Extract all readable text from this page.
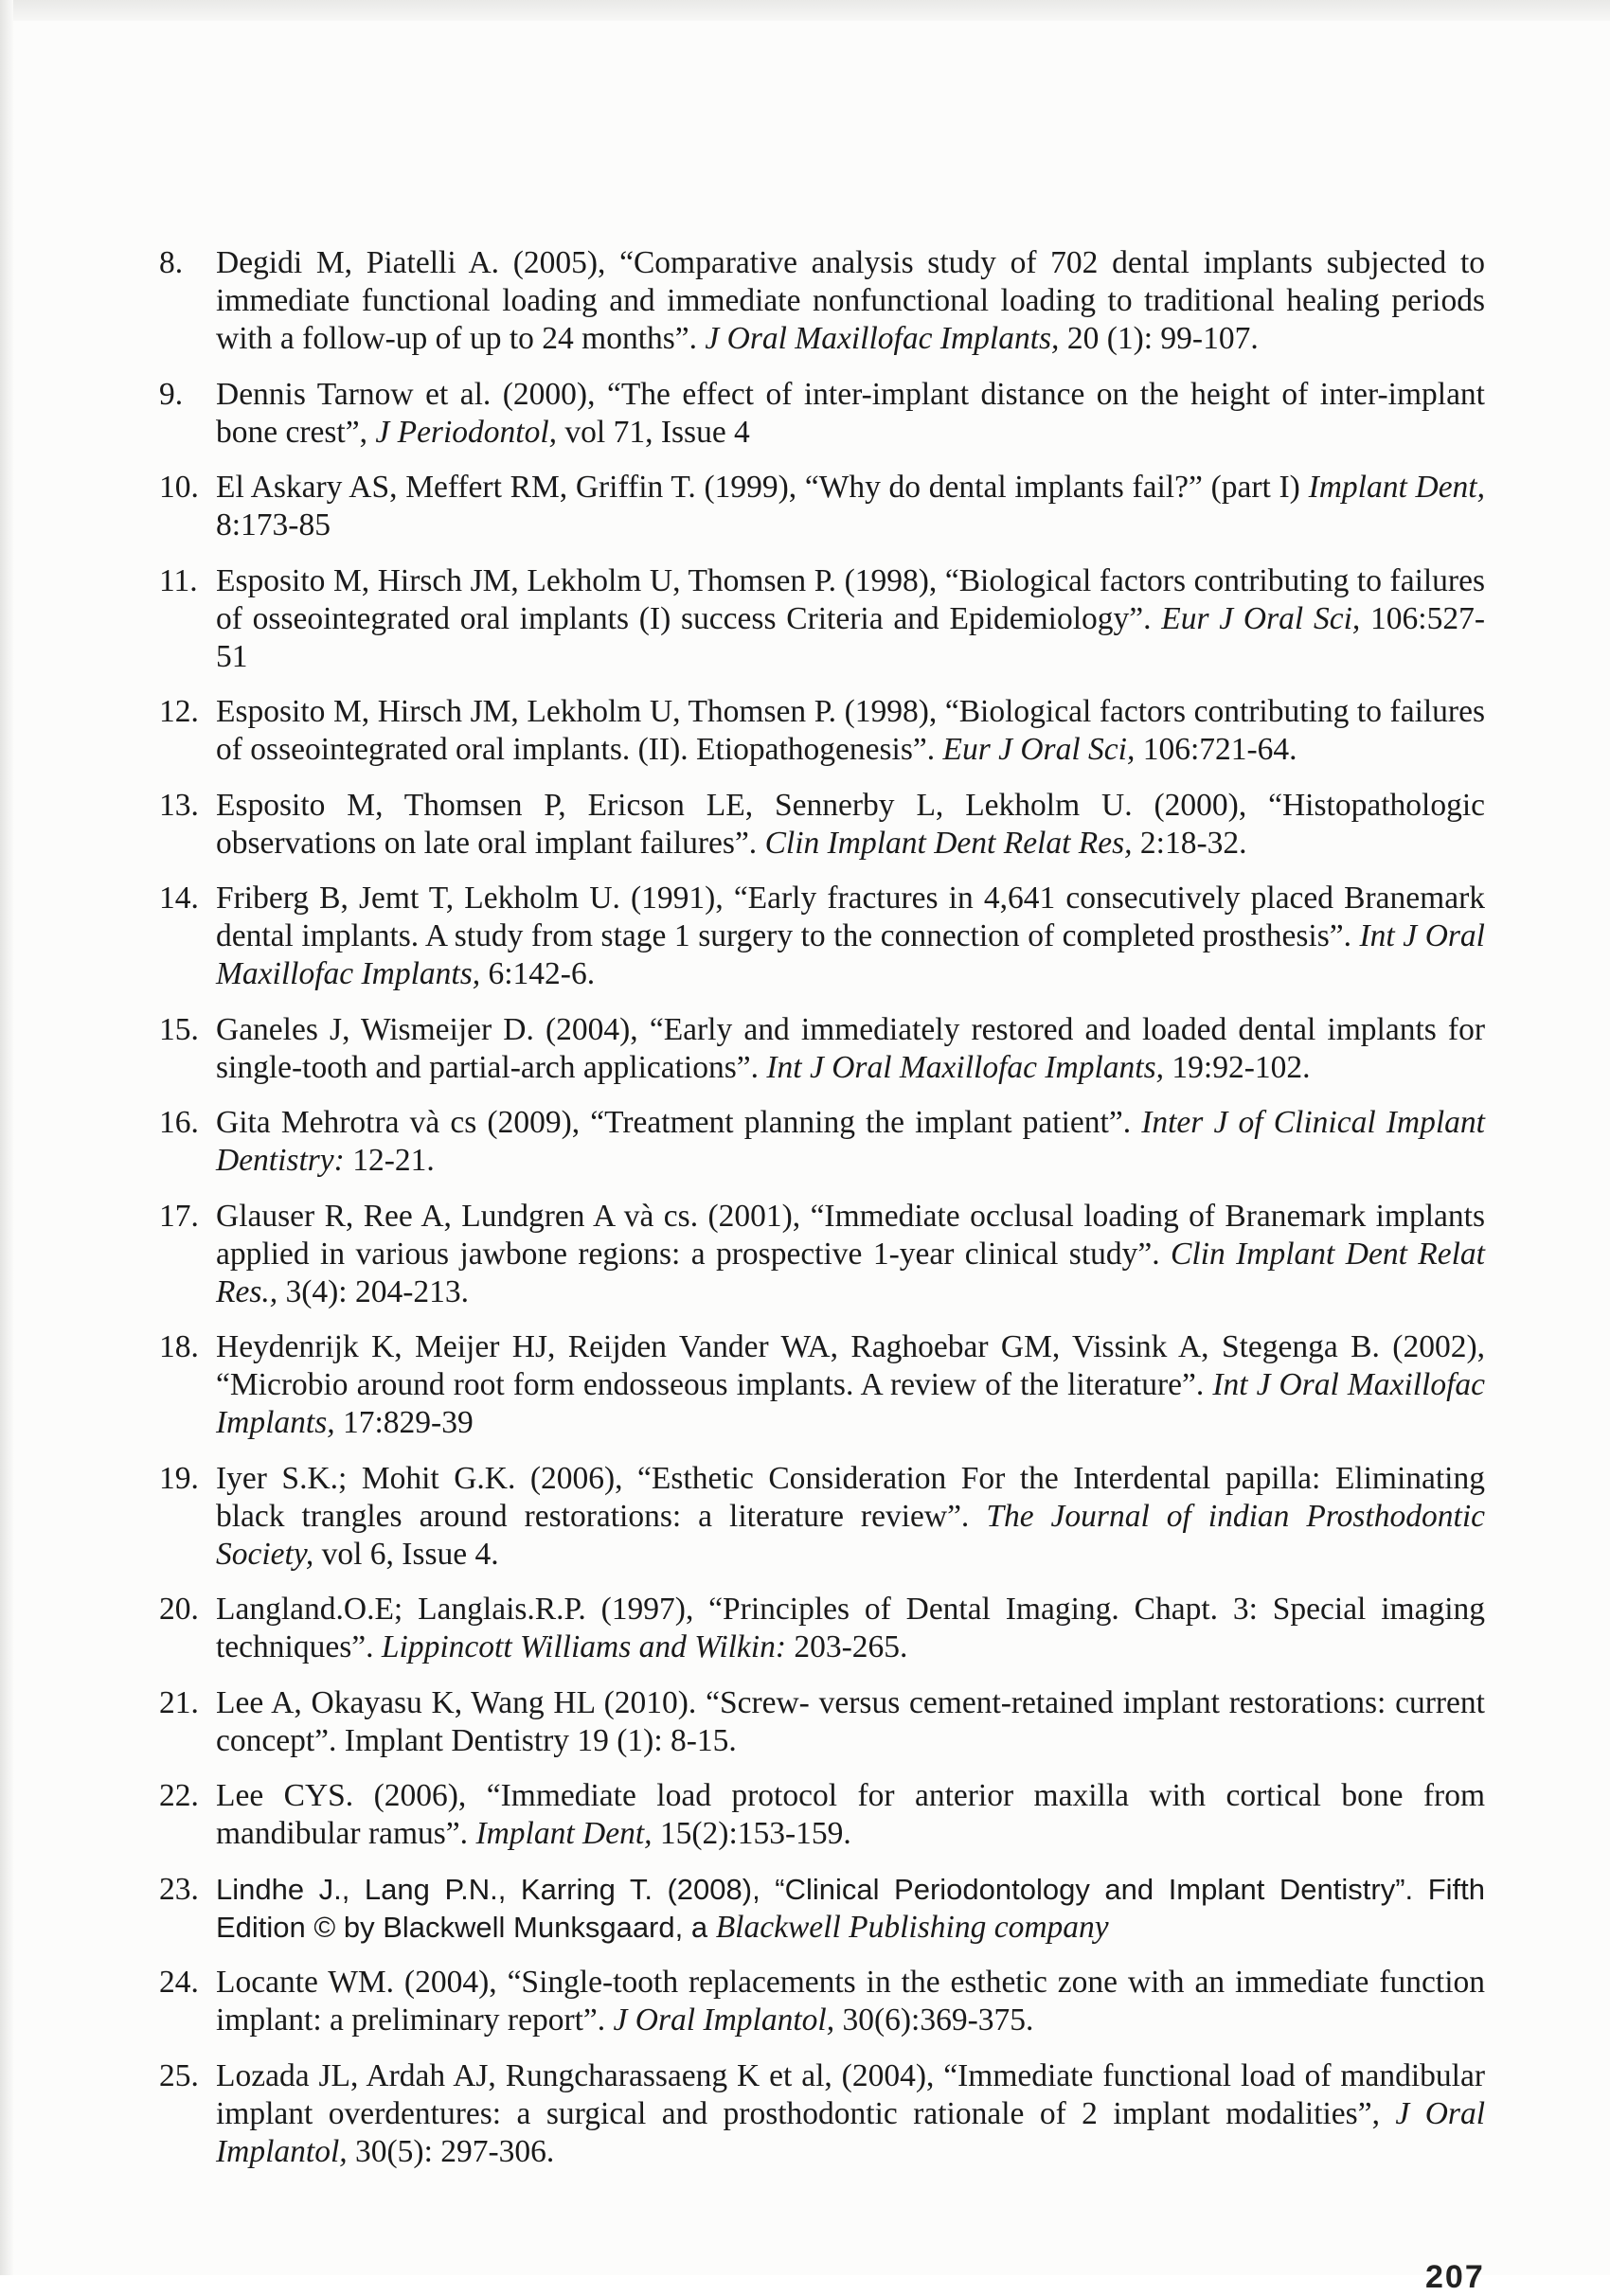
8.	Degidi M, Piatelli A. (2005), “Comparative analysis study of 702 dental implants subjected to immediate functional loading and immediate nonfunctional loading to traditional healing periods with a follow-up of up to 24 months”. J Oral Maxillofac Implants, 20 (1): 99-107.
9.	Dennis Tarnow et al. (2000), “The effect of inter-implant distance on the height of inter-implant bone crest”, J Periodontol, vol 71, Issue 4
10. El Askary AS, Meffert RM, Griffin T. (1999), “Why do dental implants fail?” (part I) Implant Dent, 8:173-85
11. Esposito M, Hirsch JM, Lekholm U, Thomsen P. (1998), “Biological factors contributing to failures of osseointegrated oral implants (I) success Criteria and Epidemiology”. Eur J Oral Sci, 106:527-51
12. Esposito M, Hirsch JM, Lekholm U, Thomsen P. (1998), “Biological factors contributing to failures of osseointegrated oral implants. (II). Etiopathogenesis”. Eur J Oral Sci, 106:721-64.
13. Esposito M, Thomsen P, Ericson LE, Sennerby L, Lekholm U. (2000), “Histopathologic observations on late oral implant failures”. Clin Implant Dent Relat Res, 2:18-32.
14. Friberg B, Jemt T, Lekholm U. (1991), “Early fractures in 4,641 consecutively placed Branemark dental implants. A study from stage 1 surgery to the connection of completed prosthesis”. Int J Oral Maxillofac Implants, 6:142-6.
15. Ganeles J, Wismeijer D. (2004), “Early and immediately restored and loaded dental implants for single-tooth and partial-arch applications”. Int J Oral Maxillofac Implants, 19:92-102.
16. Gita Mehrotra và cs (2009), “Treatment planning the implant patient”. Inter J of Clinical Implant Dentistry: 12-21.
17. Glauser R, Ree A, Lundgren A và cs. (2001), “Immediate occlusal loading of Branemark implants applied in various jawbone regions: a prospective 1-year clinical study”. Clin Implant Dent Relat Res., 3(4): 204-213.
18. Heydenrijk K, Meijer HJ, Reijden Vander WA, Raghoebar GM, Vissink A, Stegenga B. (2002), “Microbio around root form endosseous implants. A review of the literature”. Int J Oral Maxillofac Implants, 17:829-39
19. Iyer S.K.; Mohit G.K. (2006), “Esthetic Consideration For the Interdental papilla: Eliminating black trangles around restorations: a literature review”. The Journal of indian Prosthodontic Society, vol 6, Issue 4.
20. Langland.O.E; Langlais.R.P. (1997), “Principles of Dental Imaging. Chapt. 3: Special imaging techniques”. Lippincott Williams and Wilkin: 203-265.
21. Lee A, Okayasu K, Wang HL (2010). “Screw- versus cement-retained implant restorations: current concept”. Implant Dentistry 19 (1): 8-15.
22. Lee CYS. (2006), “Immediate load protocol for anterior maxilla with cortical bone from mandibular ramus”. Implant Dent, 15(2):153-159.
23. Lindhe J., Lang P.N., Karring T. (2008), “Clinical Periodontology and Implant Dentistry”. Fifth Edition © by Blackwell Munksgaard, a Blackwell Publishing company
24. Locante WM. (2004), “Single-tooth replacements in the esthetic zone with an immediate function implant: a preliminary report”. J Oral Implantol, 30(6):369-375.
25. Lozada JL, Ardah AJ, Rungcharassaeng K et al, (2004), “Immediate functional load of mandibular implant overdentures: a surgical and prosthodontic rationale of 2 implant modalities”, J Oral Implantol, 30(5): 297-306.
207
